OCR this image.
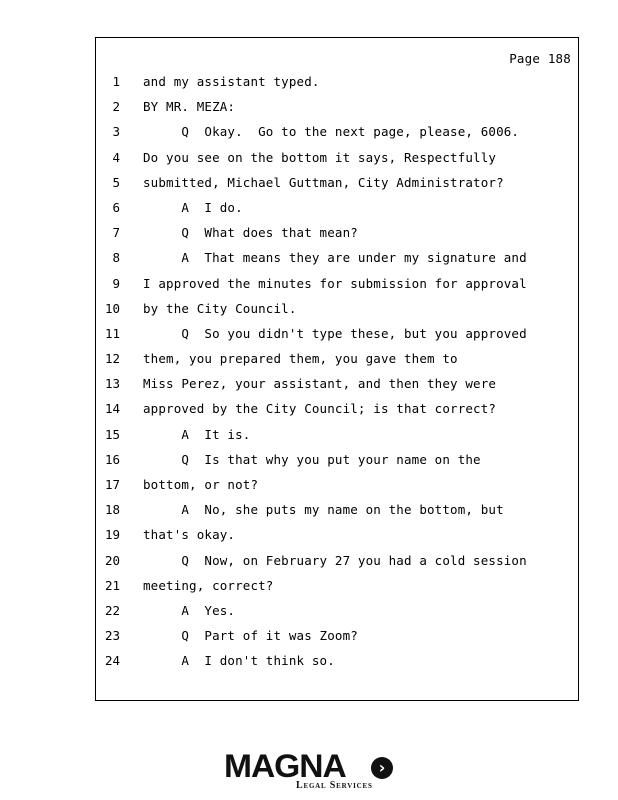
Page 188
1 and my assistant typed.
2 BY MR. MEZA:
3 Q  Okay.  Go to the next page, please, 6006.
4 Do you see on the bottom it says, Respectfully
5 submitted, Michael Guttman, City Administrator?
6 A  I do.
7 Q  What does that mean?
8 A  That means they are under my signature and
9 I approved the minutes for submission for approval
10 by the City Council.
11 Q  So you didn't type these, but you approved
12 them, you prepared them, you gave them to
13 Miss Perez, your assistant, and then they were
14 approved by the City Council; is that correct?
15 A  It is.
16 Q  Is that why you put your name on the
17 bottom, or not?
18 A  No, she puts my name on the bottom, but
19 that's okay.
20 Q  Now, on February 27 you had a cold session
21 meeting, correct?
22 A  Yes.
23 Q  Part of it was Zoom?
24 A  I don't think so.
MAGNA	›
Legal Services
